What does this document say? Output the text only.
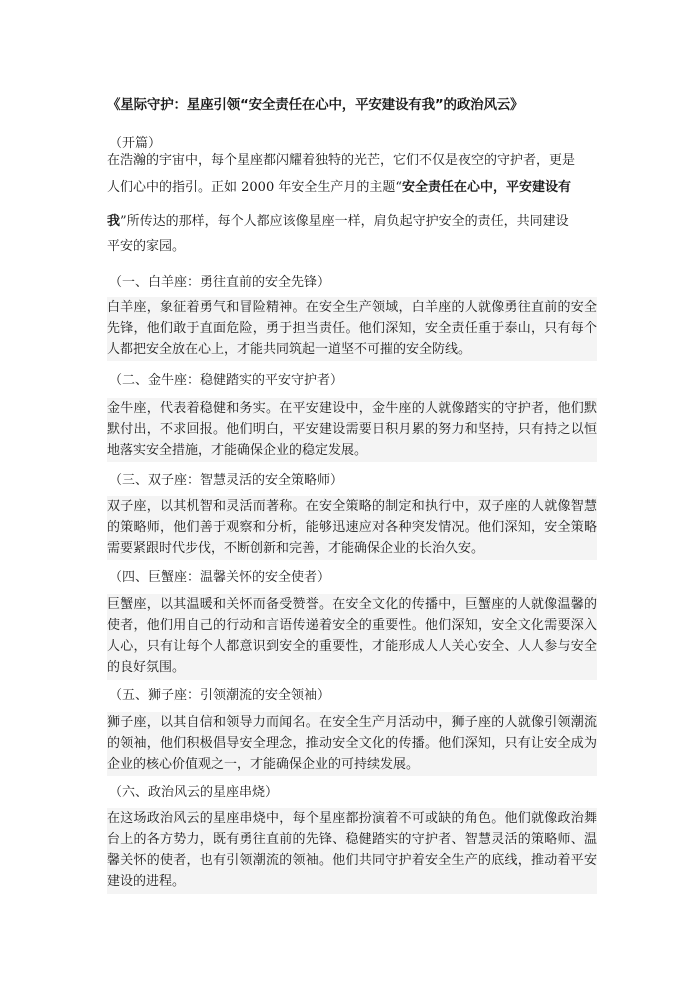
《星际守护：星座引领“安全责任在心中，平安建设有我”的政治风云》
（开篇）
在浩瀚的宇宙中，每个星座都闪耀着独特的光芒，它们不仅是夜空的守护者，更是
人们心中的指引。正如 2000 年安全生产月的主题“安全责任在心中，平安建设有
我”所传达的那样，每个人都应该像星座一样，肩负起守护安全的责任，共同建设
平安的家园。
（一、白羊座：勇往直前的安全先锋）

白羊座，象征着勇气和冒险精神。在安全生产领域，白羊座的人就像勇往直前的安全先锋，他们敢于直面危险，勇于担当责任。他们深知，安全责任重于泰山，只有每个人都把安全放在心上，才能共同筑起一道坚不可摧的安全防线。

（二、金牛座：稳健踏实的平安守护者）

金牛座，代表着稳健和务实。在平安建设中，金牛座的人就像踏实的守护者，他们默默付出，不求回报。他们明白，平安建设需要日积月累的努力和坚持，只有持之以恒地落实安全措施，才能确保企业的稳定发展。

（三、双子座：智慧灵活的安全策略师）

双子座，以其机智和灵活而著称。在安全策略的制定和执行中，双子座的人就像智慧的策略师，他们善于观察和分析，能够迅速应对各种突发情况。他们深知，安全策略需要紧跟时代步伐，不断创新和完善，才能确保企业的长治久安。

（四、巨蟹座：温馨关怀的安全使者）

巨蟹座，以其温暖和关怀而备受赞誉。在安全文化的传播中，巨蟹座的人就像温馨的使者，他们用自己的行动和言语传递着安全的重要性。他们深知，安全文化需要深入人心，只有让每个人都意识到安全的重要性，才能形成人人关心安全、人人参与安全的良好氛围。

（五、狮子座：引领潮流的安全领袖）

狮子座，以其自信和领导力而闻名。在安全生产月活动中，狮子座的人就像引领潮流的领袖，他们积极倡导安全理念，推动安全文化的传播。他们深知，只有让安全成为企业的核心价值观之一，才能确保企业的可持续发展。

（六、政治风云的星座串烧）

在这场政治风云的星座串烧中，每个星座都扮演着不可或缺的角色。他们就像政治舞台上的各方势力，既有勇往直前的先锋、稳健踏实的守护者、智慧灵活的策略师、温馨关怀的使者，也有引领潮流的领袖。他们共同守护着安全生产的底线，推动着平安建设的进程。
